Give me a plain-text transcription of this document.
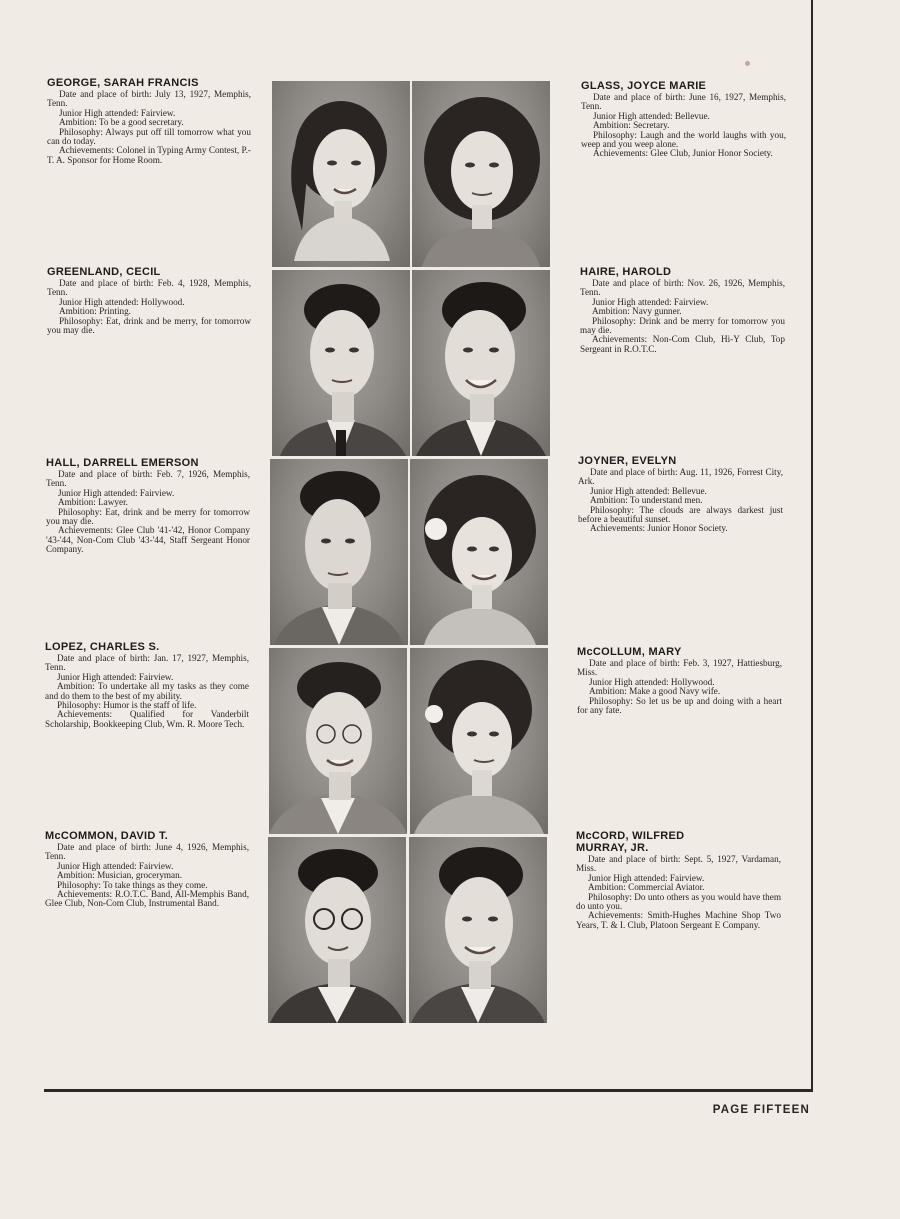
GEORGE, SARAH FRANCIS
Date and place of birth: July 13, 1927, Memphis, Tenn.
Junior High attended: Fairview.
Ambition: To be a good secretary.
Philosophy: Always put off till tomorrow what you can do today.
Achievements: Colonel in Typing Army Contest, P.-T. A. Sponsor for Home Room.
GREENLAND, CECIL
Date and place of birth: Feb. 4, 1928, Memphis, Tenn.
Junior High attended: Hollywood.
Ambition: Printing.
Philosophy: Eat, drink and be merry, for tomorrow you may die.
HALL, DARRELL EMERSON
Date and place of birth: Feb. 7, 1926, Memphis, Tenn.
Junior High attended: Fairview.
Ambition: Lawyer.
Philosophy: Eat, drink and be merry for tomorrow you may die.
Achievements: Glee Club '41-'42, Honor Company '43-'44, Non-Com Club '43-'44, Staff Sergeant Honor Company.
LOPEZ, CHARLES S.
Date and place of birth: Jan. 17, 1927, Memphis, Tenn.
Junior High attended: Fairview.
Ambition: To undertake all my tasks as they come and do them to the best of my ability.
Philosophy: Humor is the staff of life.
Achievements: Qualified for Vanderbilt Scholarship, Bookkeeping Club, Wm. R. Moore Tech.
McCOMMON, DAVID T.
Date and place of birth: June 4, 1926, Memphis, Tenn.
Junior High attended: Fairview.
Ambition: Musician, groceryman.
Philosophy: To take things as they come.
Achievements: R.O.T.C. Band, All-Memphis Band, Glee Club, Non-Com Club, Instrumental Band.
GLASS, JOYCE MARIE
Date and place of birth: June 16, 1927, Memphis, Tenn.
Junior High attended: Bellevue.
Ambition: Secretary.
Philosophy: Laugh and the world laughs with you, weep and you weep alone.
Achievements: Glee Club, Junior Honor Society.
HAIRE, HAROLD
Date and place of birth: Nov. 26, 1926, Memphis, Tenn.
Junior High attended: Fairview.
Ambition: Navy gunner.
Philosophy: Drink and be merry for tomorrow you may die.
Achievements: Non-Com Club, Hi-Y Club, Top Sergeant in R.O.T.C.
JOYNER, EVELYN
Date and place of birth: Aug. 11, 1926, Forrest City, Ark.
Junior High attended: Bellevue.
Ambition: To understand men.
Philosophy: The clouds are always darkest just before a beautiful sunset.
Achievements: Junior Honor Society.
McCOLLUM, MARY
Date and place of birth: Feb. 3, 1927, Hattiesburg, Miss.
Junior High attended: Hollywood.
Ambition: Make a good Navy wife.
Philosophy: So let us be up and doing with a heart for any fate.
McCORD, WILFRED MURRAY, JR.
Date and place of birth: Sept. 5, 1927, Vardaman, Miss.
Junior High attended: Fairview.
Ambition: Commercial Aviator.
Philosophy: Do unto others as you would have them do unto you.
Achievements: Smith-Hughes Machine Shop Two Years, T. & I. Club, Platoon Sergeant E Company.
PAGE FIFTEEN
